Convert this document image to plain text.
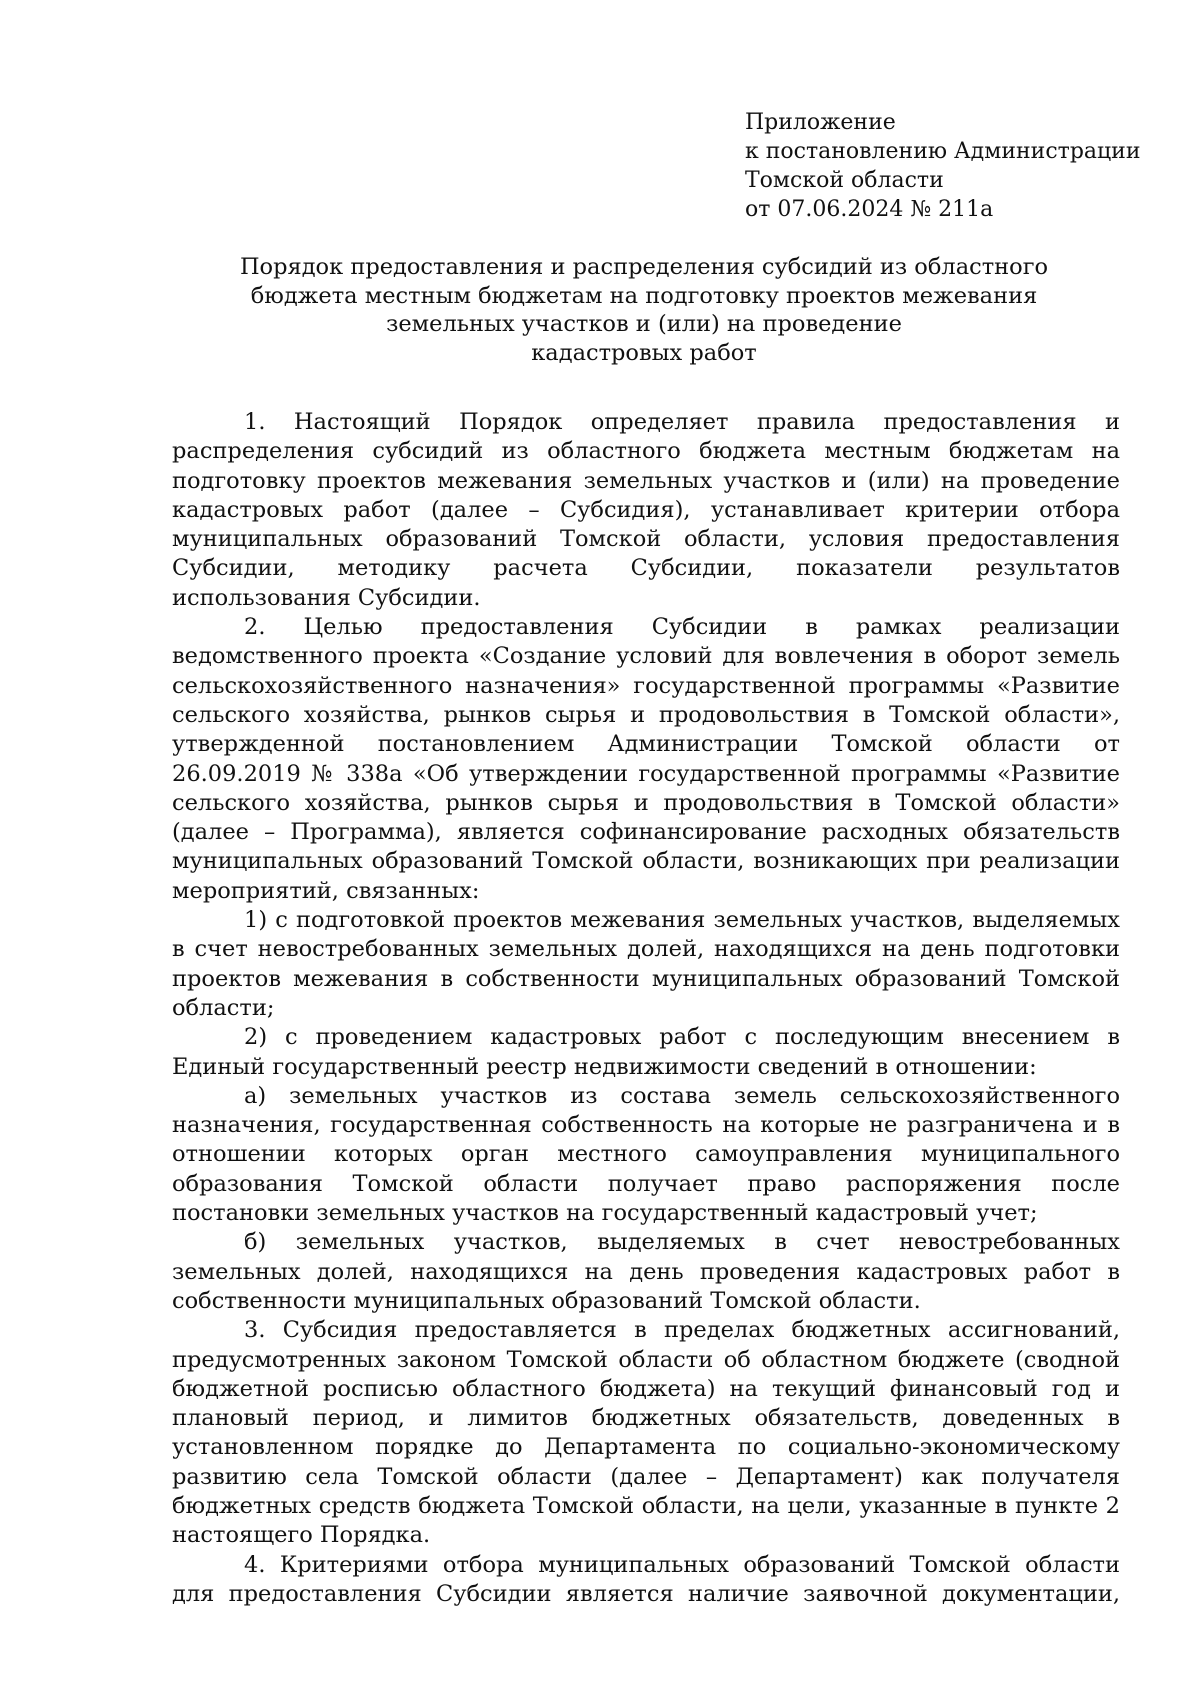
Приложение
к постановлению Администрации
Томской области
от 07.06.2024 № 211а
Порядок предоставления и распределения субсидий из областного
бюджета местным бюджетам на подготовку проектов межевания
земельных участков и (или) на проведение
кадастровых работ

1. Настоящий Порядок определяет правила предоставления и распределения субсидий из областного бюджета местным бюджетам на подготовку проектов межевания земельных участков и (или) на проведение кадастровых работ (далее – Субсидия), устанавливает критерии отбора муниципальных образований Томской области, условия предоставления Субсидии, методику расчета Субсидии, показатели результатов использования Субсидии.

2. Целью предоставления Субсидии в рамках реализации ведомственного проекта «Создание условий для вовлечения в оборот земель сельскохозяйственного назначения» государственной программы «Развитие сельского хозяйства, рынков сырья и продовольствия в Томской области», утвержденной постановлением Администрации Томской области от 26.09.2019 № 338а «Об утверждении государственной программы «Развитие сельского хозяйства, рынков сырья и продовольствия в Томской области» (далее – Программа), является софинансирование расходных обязательств муниципальных образований Томской области, возникающих при реализации мероприятий, связанных:

1) с подготовкой проектов межевания земельных участков, выделяемых в счет невостребованных земельных долей, находящихся на день подготовки проектов межевания в собственности муниципальных образований Томской области;

2) с проведением кадастровых работ с последующим внесением в Единый государственный реестр недвижимости сведений в отношении:

а) земельных участков из состава земель сельскохозяйственного назначения, государственная собственность на которые не разграничена и в отношении которых орган местного самоуправления муниципального образования Томской области получает право распоряжения после постановки земельных участков на государственный кадастровый учет;

б) земельных участков, выделяемых в счет невостребованных земельных долей, находящихся на день проведения кадастровых работ в собственности муниципальных образований Томской области.

3. Субсидия предоставляется в пределах бюджетных ассигнований, предусмотренных законом Томской области об областном бюджете (сводной бюджетной росписью областного бюджета) на текущий финансовый год и плановый период, и лимитов бюджетных обязательств, доведенных в установленном порядке до Департамента по социально-экономическому развитию села Томской области (далее – Департамент) как получателя бюджетных средств бюджета Томской области, на цели, указанные в пункте 2 настоящего Порядка.

4. Критериями отбора муниципальных образований Томской области для предоставления Субсидии является наличие заявочной документации,
